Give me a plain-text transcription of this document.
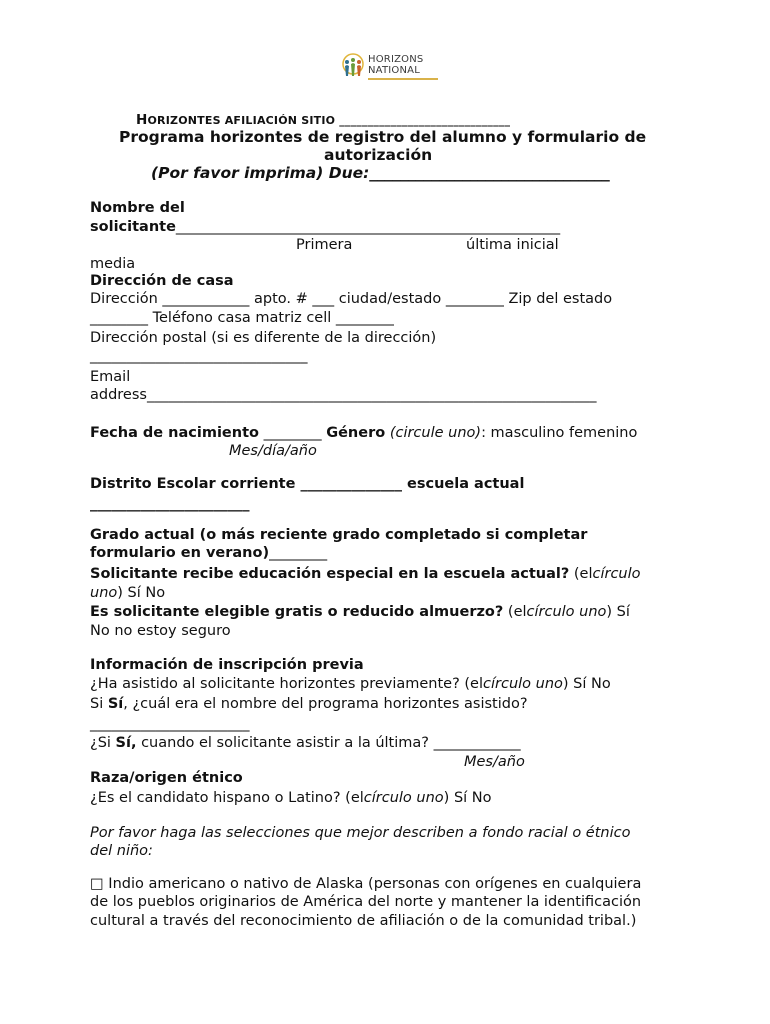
HORIZONS
NATIONAL
HORIZONTES AFILIACIÓN SITIO ______________________________
Programa horizontes de registro del alumno y formulario de
autorización
(Por favor imprima) Due:_______________________________
Nombre del
solicitante_____________________________________________________
Primera	última inicial
media
Dirección de casa
Dirección ____________ apto. # ___ ciudad/estado ________ Zip del estado
________ Teléfono casa matriz cell ________
Dirección postal (si es diferente de la dirección)
______________________________
Email
address______________________________________________________________
Fecha de nacimiento ________ Género (circule uno): masculino femenino
Mes/día/año
Distrito Escolar corriente ______________ escuela actual
______________________
Grado actual (o más reciente grado completado si completar
formulario en verano)________
Solicitante recibe educación especial en la escuela actual? (elcírculo
uno) Sí No
Es solicitante elegible gratis o reducido almuerzo? (elcírculo uno) Sí
No no estoy seguro
Información de inscripción previa
¿Ha asistido al solicitante horizontes previamente? (elcírculo uno) Sí No
Si Sí, ¿cuál era el nombre del programa horizontes asistido?
______________________
¿Si Sí, cuando el solicitante asistir a la última? ____________
Mes/año
Raza/origen étnico
¿Es el candidato hispano o Latino? (elcírculo uno) Sí No
Por favor haga las selecciones que mejor describen a fondo racial o étnico
del niño:
□ Indio americano o nativo de Alaska (personas con orígenes en cualquiera
de los pueblos originarios de América del norte y mantener la identificación
cultural a través del reconocimiento de afiliación o de la comunidad tribal.)
